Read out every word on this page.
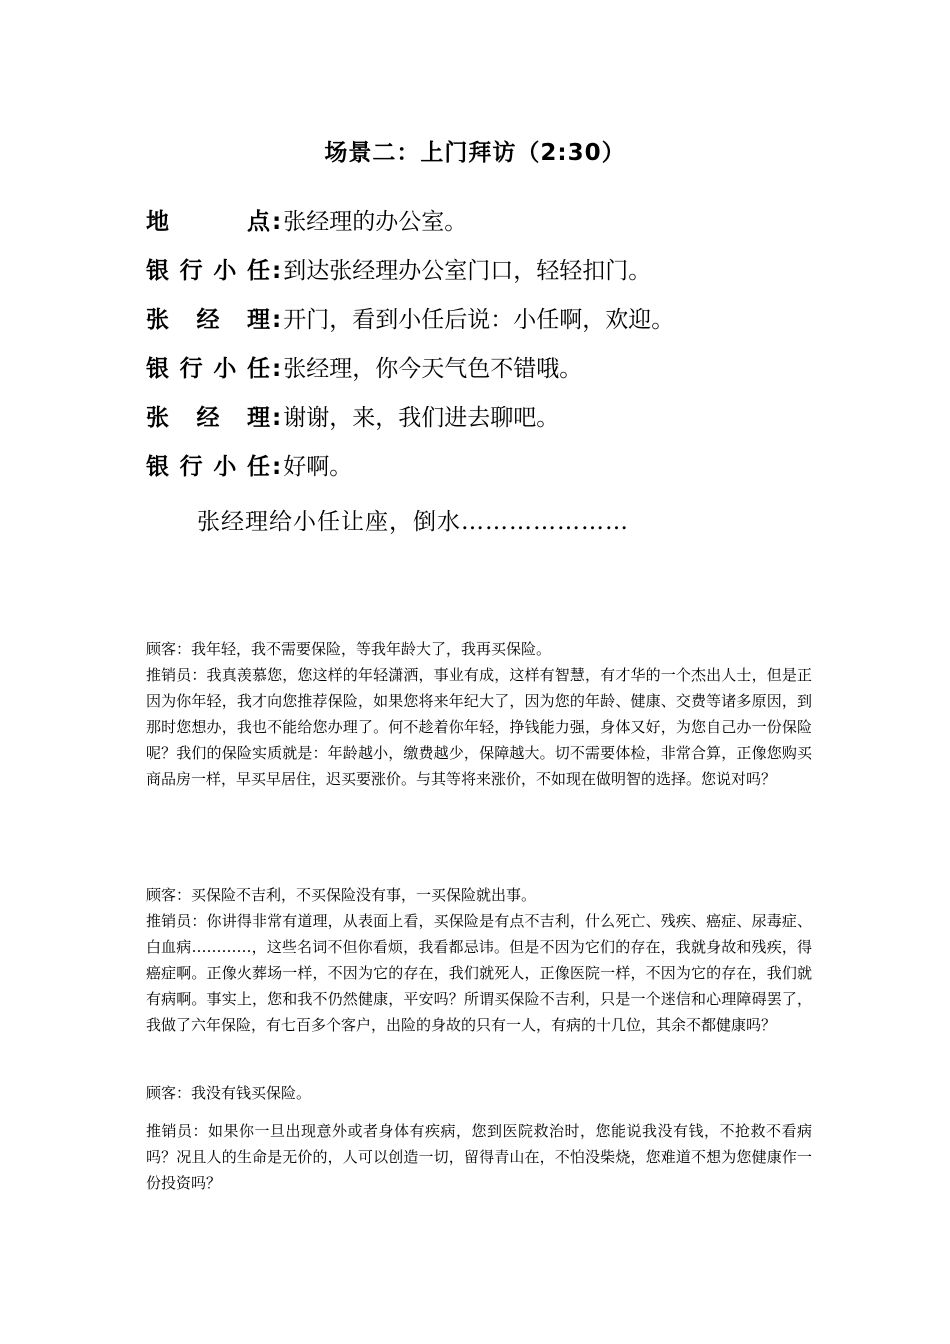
场景二：上门拜访（2:30）
地点:张经理的办公室。
银行小任:到达张经理办公室门口，轻轻扣门。
张经理:开门，看到小任后说：小任啊，欢迎。
银行小任:张经理，你今天气色不错哦。
张经理:谢谢，来，我们进去聊吧。
银行小任:好啊。
张经理给小任让座，倒水…………………

顾客：我年轻，我不需要保险，等我年龄大了，我再买保险。

推销员：我真羡慕您，您这样的年轻潇洒，事业有成，这样有智慧，有才华的一个杰出人士，但是正因为你年轻，我才向您推荐保险，如果您将来年纪大了，因为您的年龄、健康、交费等诸多原因，到那时您想办，我也不能给您办理了。何不趁着你年轻，挣钱能力强，身体又好，为您自己办一份保险呢？我们的保险实质就是：年龄越小，缴费越少，保障越大。切不需要体检，非常合算，正像您购买商品房一样，早买早居住，迟买要涨价。与其等将来涨价，不如现在做明智的选择。您说对吗？

顾客：买保险不吉利，不买保险没有事，一买保险就出事。

推销员：你讲得非常有道理，从表面上看，买保险是有点不吉利，什么死亡、残疾、癌症、尿毒症、白血病…………，这些名词不但你看烦，我看都忌讳。但是不因为它们的存在，我就身故和残疾，得癌症啊。正像火葬场一样，不因为它的存在，我们就死人，正像医院一样，不因为它的存在，我们就有病啊。事实上，您和我不仍然健康，平安吗？所谓买保险不吉利，只是一个迷信和心理障碍罢了，我做了六年保险，有七百多个客户，出险的身故的只有一人，有病的十几位，其余不都健康吗？

顾客：我没有钱买保险。

推销员：如果你一旦出现意外或者身体有疾病，您到医院救治时，您能说我没有钱，不抢救不看病吗？况且人的生命是无价的，人可以创造一切，留得青山在，不怕没柴烧，您难道不想为您健康作一份投资吗？
